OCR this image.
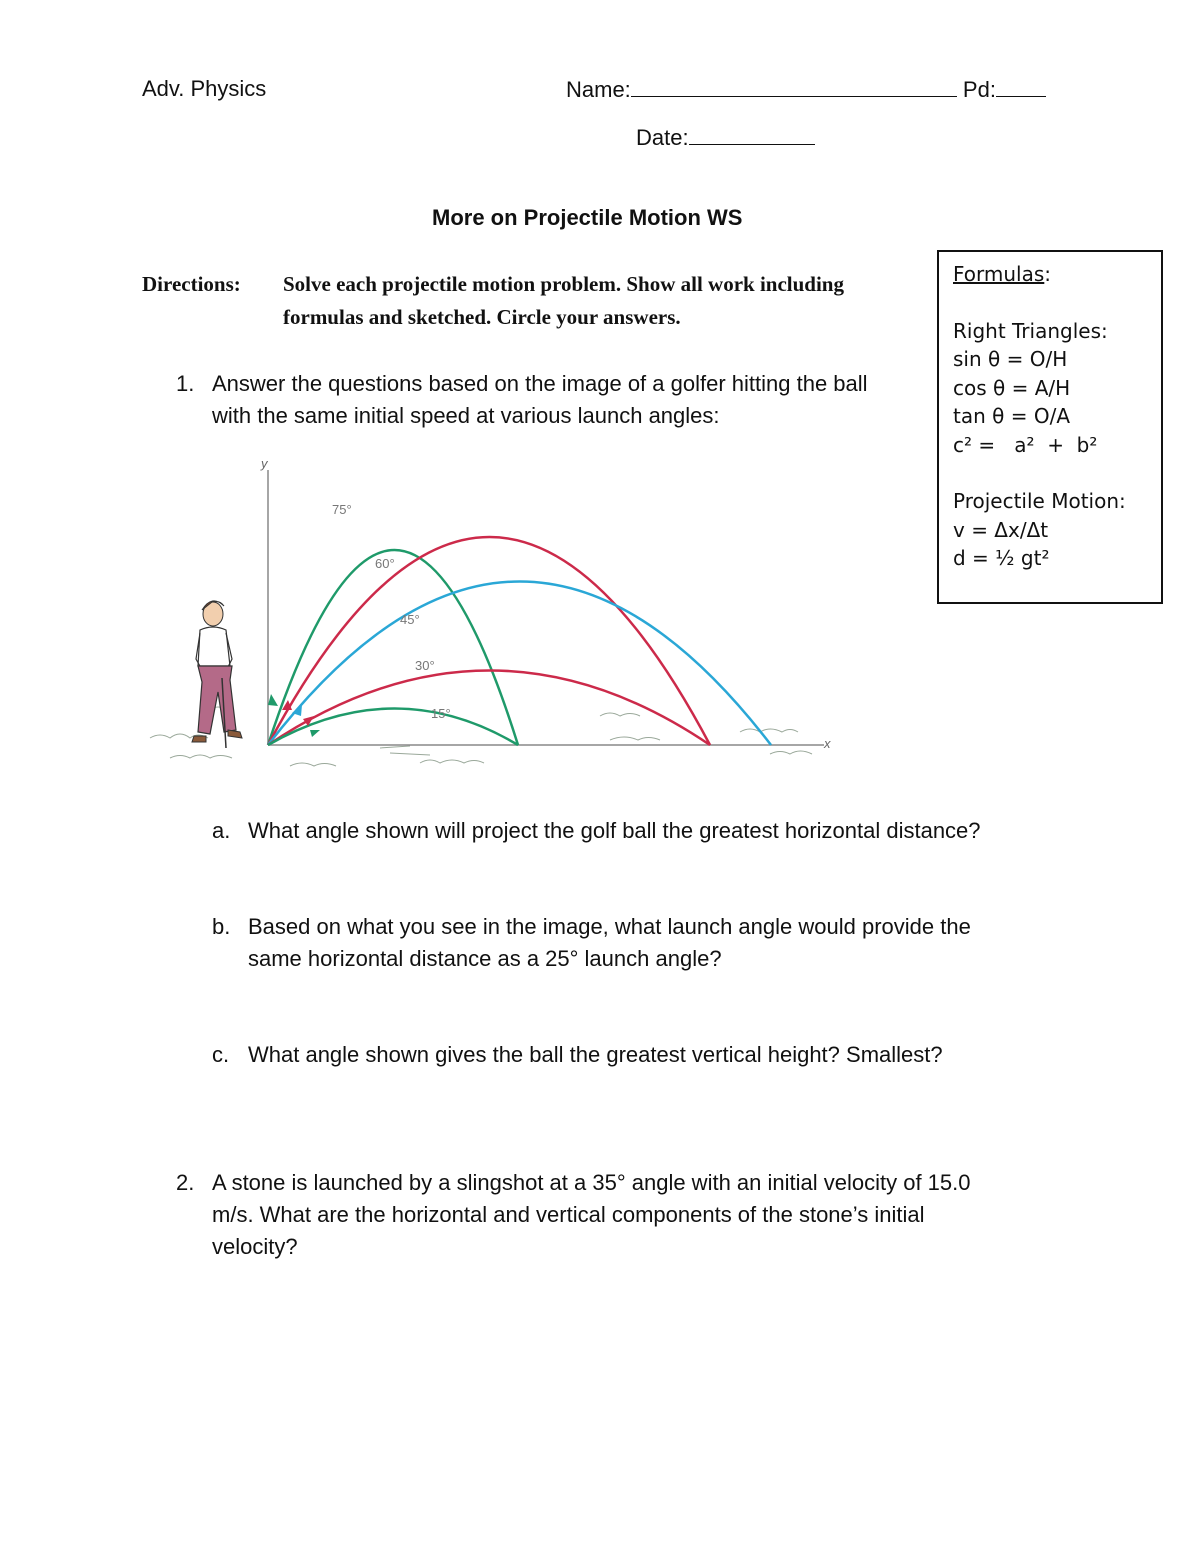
Adv. Physics	Name:	Pd:
Date:
More on Projectile Motion WS
Directions: Solve each projectile motion problem. Show all work including
formulas and sketched. Circle your answers.
Formulas:
Right Triangles:
sin θ = O/H
cos θ = A/H
tan θ = O/A
c² =   a²  +  b²
Projectile Motion:
v = Δx/Δt
d = ½ gt²
1. Answer the questions based on the image of a golfer hitting the ball
with the same initial speed at various launch angles:
y
x
75°
60°
45°
30°
15°
a. What angle shown will project the golf ball the greatest horizontal distance?
b. Based on what you see in the image, what launch angle would provide the
same horizontal distance as a 25° launch angle?
c. What angle shown gives the ball the greatest vertical height? Smallest?
2. A stone is launched by a slingshot at a 35° angle with an initial velocity of 15.0
m/s. What are the horizontal and vertical components of the stone’s initial
velocity?
